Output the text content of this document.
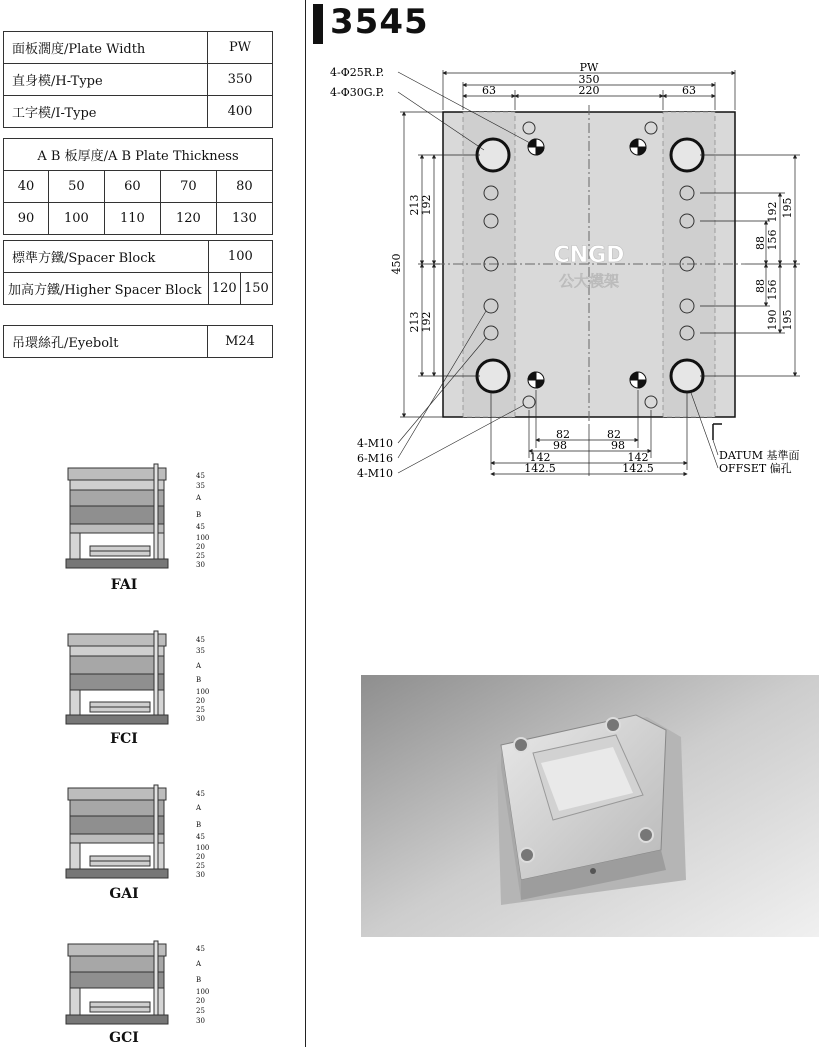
面板濶度/Plate Width	PW
直身模/H-Type	350
工字模/I-Type	400
A B 板厚度/A B Plate Thickness				
40	50	60	70	80
90	100	110	120	130
標準方鐵/Spacer Block	100	
加高方鐵/Higher Spacer Block	120	150
吊環絲孔/Eyebolt	M24
3545
CNGD
公大模架
PW
350
63	220	63
4-Φ25R.P.
4-Φ30G.P.
450
213 192
213 192
88
88
192
156
156
190
195
195
82	82
98	98
142	142
142.5	142.5
4-M10
6-M16
4-M10
DATUM 基準面
OFFSET 偏孔
45
35
A
B
45
100
20
25
30
FAI
45
35
A
B
100
20
25
30
FCI
45
A
B
45
100
20
25
30
GAI
45
A
B
100
20
25
30
GCI
